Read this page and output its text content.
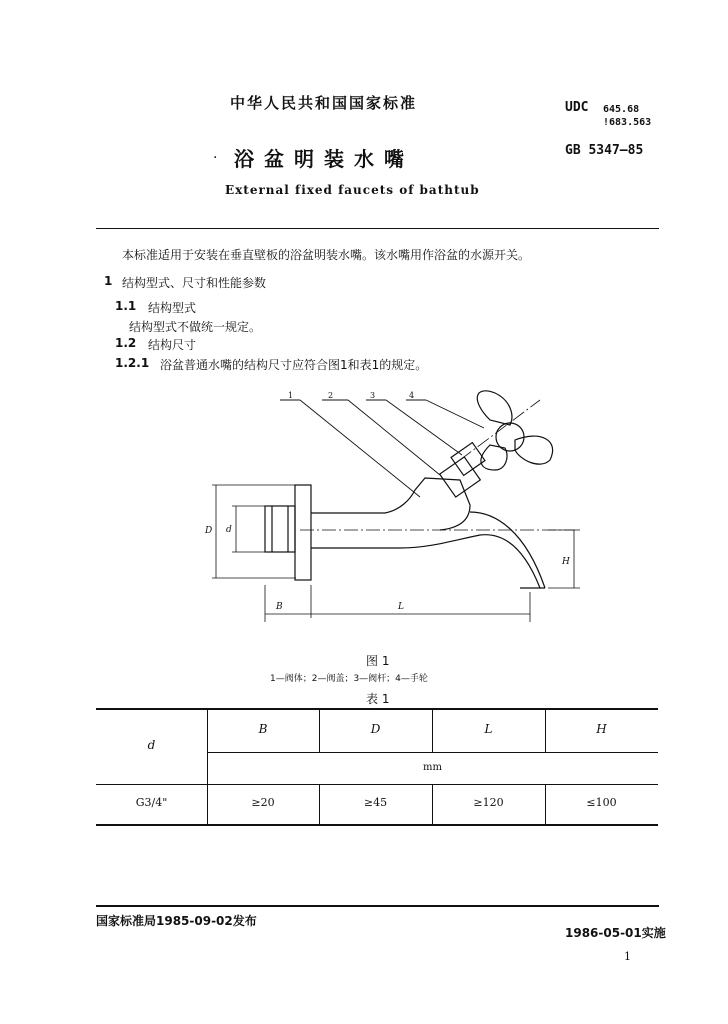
中华人民共和国国家标准	UDC 645.68
!683.563
GB 5347—85
· 浴盆明装水嘴
External fixed faucets of bathtub
本标准适用于安装在垂直壁板的浴盆明装水嘴。该水嘴用作浴盆的水源开关。
1 结构型式、尺寸和性能参数
1.1 结构型式
结构型式不做统一规定。
1.2 结构尺寸
1.2.1 浴盆普通水嘴的结构尺寸应符合图1和表1的规定。
1	2	3	4
D d
B	L
H
图 1
1—阀体；2—阀盖；3—阀杆；4—手轮
表 1
d
B	D	L	H
mm
G3/4"	≥20	≥45	≥120	≤100
国家标准局1985-09-02发布
1986-05-01实施
1
